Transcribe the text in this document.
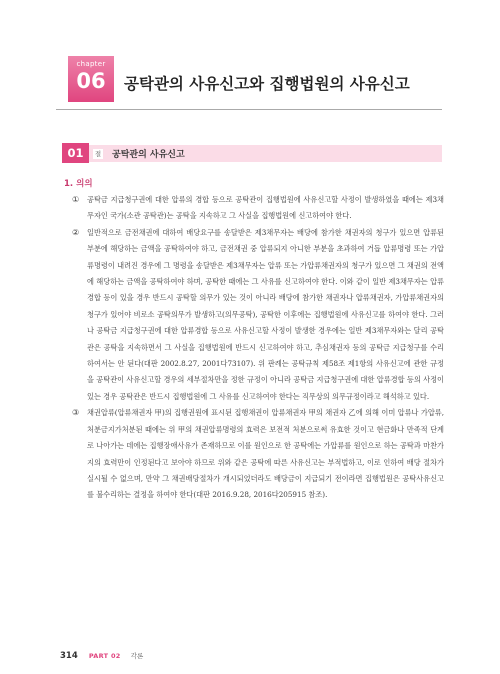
chapter
06	공탁관의 사유신고와 집행법원의 사유신고
01	절 공탁관의 사유신고
1. 의의
① 공탁금 지급청구권에 대한 압류의 경합 등으로 공탁관이 집행법원에 사유신고할 사정이 발생하였을 때에는 제3채무자인 국가(소관 공탁관)는 공탁을 지속하고 그 사실을 집행법원에 신고하여야 한다.
② 일반적으로 금전채권에 대하여 배당요구를 송달받은 제3채무자는 배당에 참가한 채권자의 청구가 있으면 압류된 부분에 해당하는 금액을 공탁하여야 하고, 금전채권 중 압류되지 아니한 부분을 초과하여 거듭 압류명령 또는 가압류명령이 내려진 경우에 그 명령을 송달받은 제3채무자는 압류 또는 가압류채권자의 청구가 있으면 그 채권의 전액에 해당하는 금액을 공탁하여야 하며, 공탁한 때에는 그 사유를 신고하여야 한다. 이와 같이 일반 제3채무자는 압류경합 등이 있을 경우 반드시 공탁할 의무가 있는 것이 아니라 배당에 참가한 채권자나 압류채권자, 가압류채권자의 청구가 있어야 비로소 공탁의무가 발생하고(의무공탁), 공탁한 이후에는 집행법원에 사유신고를 하여야 한다. 그러나 공탁금 지급청구권에 대한 압류경합 등으로 사유신고할 사정이 발생한 경우에는 일반 제3채무자와는 달리 공탁관은 공탁을 지속하면서 그 사실을 집행법원에 반드시 신고하여야 하고, 추심채권자 등의 공탁금 지급청구를 수리하여서는 안 된다(대판 2002.8.27, 2001다73107). 위 판례는 공탁규칙 제58조 제1항의 사유신고에 관한 규정을 공탁관이 사유신고할 경우의 세부절차만을 정한 규정이 아니라 공탁금 지급청구권에 대한 압류경합 등의 사정이 있는 경우 공탁관은 반드시 집행법원에 그 사유를 신고하여야 한다는 직무상의 의무규정이라고 해석하고 있다.
③ 채권압류(압류채권자 甲)의 집행권원에 표시된 집행채권이 압류채권자 甲의 채권자 乙에 의해 이미 압류나 가압류, 처분금지가처분된 때에는 위 甲의 채권압류명령의 효력은 보전적 처분으로써 유효한 것이고 현금화나 만족적 단계로 나아가는 데에는 집행장애사유가 존재하므로 이를 원인으로 한 공탁에는 가압류를 원인으로 하는 공탁과 마찬가지의 효력만이 인정된다고 보아야 하므로 위와 같은 공탁에 따른 사유신고는 부적법하고, 이로 인하여 배당 절차가 실시될 수 없으며, 만약 그 채권배당절차가 개시되었더라도 배당금이 지급되기 전이라면 집행법원은 공탁사유신고를 불수리하는 결정을 하여야 한다(대판 2016.9.28, 2016다205915 참조).
314 PART 02 각론
